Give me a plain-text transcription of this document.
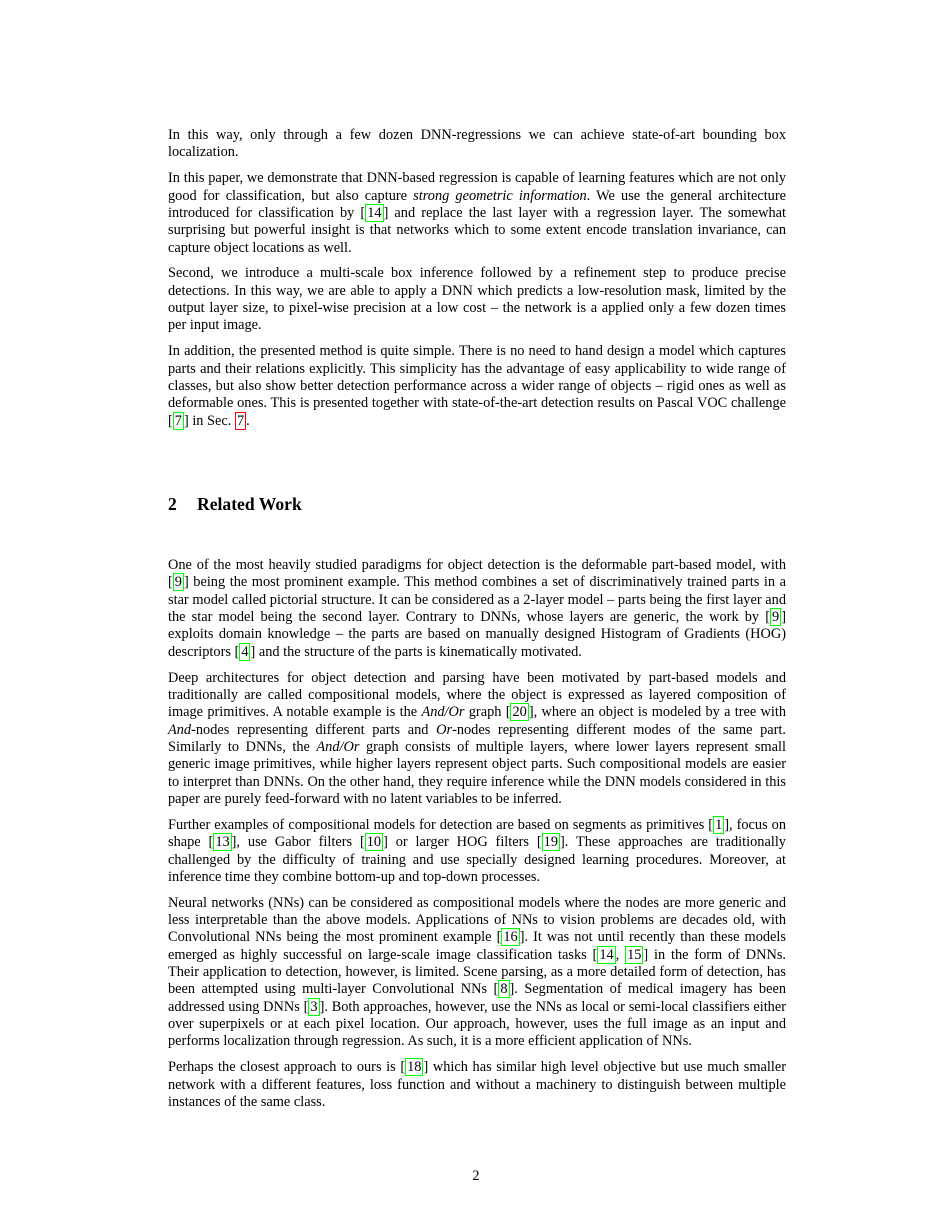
In this way, only through a few dozen DNN-regressions we can achieve state-of-art bounding box localization.

In this paper, we demonstrate that DNN-based regression is capable of learning features which are not only good for classification, but also capture strong geometric information. We use the general architecture introduced for classification by [ 14 ] and replace the last layer with a regression layer. The somewhat surprising but powerful insight is that networks which to some extent encode translation invariance, can capture object locations as well.

Second, we introduce a multi-scale box inference followed by a refinement step to produce precise detections. In this way, we are able to apply a DNN which predicts a low-resolution mask, limited by the output layer size, to pixel-wise precision at a low cost – the network is a applied only a few dozen times per input image.

In addition, the presented method is quite simple. There is no need to hand design a model which captures parts and their relations explicitly. This simplicity has the advantage of easy applicability to wide range of classes, but also show better detection performance across a wider range of objects – rigid ones as well as deformable ones. This is presented together with state-of-the-art detection results on Pascal VOC challenge [ 7 ] in Sec. 7 .

2 Related Work

One of the most heavily studied paradigms for object detection is the deformable part-based model, with [ 9 ] being the most prominent example. This method combines a set of discriminatively trained parts in a star model called pictorial structure. It can be considered as a 2-layer model – parts being the first layer and the star model being the second layer. Contrary to DNNs, whose layers are generic, the work by [ 9 ] exploits domain knowledge – the parts are based on manually designed Histogram of Gradients (HOG) descriptors [ 4 ] and the structure of the parts is kinematically motivated.

Deep architectures for object detection and parsing have been motivated by part-based models and traditionally are called compositional models, where the object is expressed as layered composition of image primitives. A notable example is the And/Or graph [ 20 ], where an object is modeled by a tree with And-nodes representing different parts and Or-nodes representing different modes of the same part. Similarly to DNNs, the And/Or graph consists of multiple layers, where lower layers represent small generic image primitives, while higher layers represent object parts. Such compositional models are easier to interpret than DNNs. On the other hand, they require inference while the DNN models considered in this paper are purely feed-forward with no latent variables to be inferred.

Further examples of compositional models for detection are based on segments as primitives [ 1 ], focus on shape [ 13 ], use Gabor filters [ 10 ] or larger HOG filters [ 19 ]. These approaches are traditionally challenged by the difficulty of training and use specially designed learning procedures. Moreover, at inference time they combine bottom-up and top-down processes.

Neural networks (NNs) can be considered as compositional models where the nodes are more generic and less interpretable than the above models. Applications of NNs to vision problems are decades old, with Convolutional NNs being the most prominent example [ 16 ]. It was not until recently than these models emerged as highly successful on large-scale image classification tasks [ 14 , 15 ] in the form of DNNs. Their application to detection, however, is limited. Scene parsing, as a more detailed form of detection, has been attempted using multi-layer Convolutional NNs [ 8 ]. Segmentation of medical imagery has been addressed using DNNs [ 3 ]. Both approaches, however, use the NNs as local or semi-local classifiers either over superpixels or at each pixel location. Our approach, however, uses the full image as an input and performs localization through regression. As such, it is a more efficient application of NNs.

Perhaps the closest approach to ours is [ 18 ] which has similar high level objective but use much smaller network with a different features, loss function and without a machinery to distinguish between multiple instances of the same class.

2
